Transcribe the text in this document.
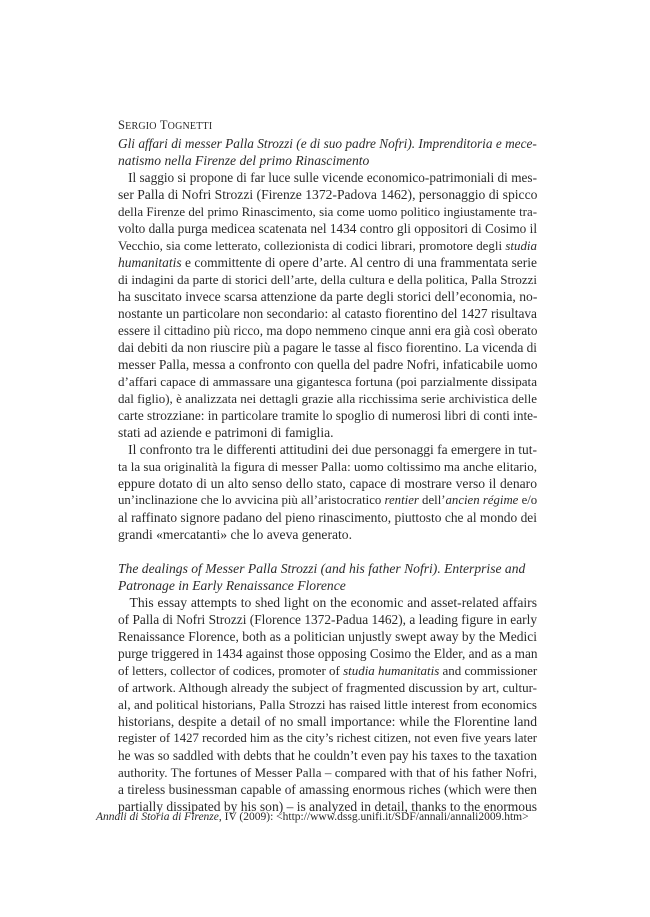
SERGIO TOGNETTI

Gli affari di messer Palla Strozzi (e di suo padre Nofri). Imprenditoria e mece-
natismo nella Firenze del primo Rinascimento

Il saggio si propone di far luce sulle vicende economico-patrimoniali di mes-
ser Palla di Nofri Strozzi (Firenze 1372-Padova 1462), personaggio di spicco
della Firenze del primo Rinascimento, sia come uomo politico ingiustamente tra-
volto dalla purga medicea scatenata nel 1434 contro gli oppositori di Cosimo il
Vecchio, sia come letterato, collezionista di codici librari, promotore degli studia
humanitatis e committente di opere d’arte. Al centro di una frammentata serie
di indagini da parte di storici dell’arte, della cultura e della politica, Palla Strozzi
ha suscitato invece scarsa attenzione da parte degli storici dell’economia, no-
nostante un particolare non secondario: al catasto fiorentino del 1427 risultava
essere il cittadino più ricco, ma dopo nemmeno cinque anni era già così oberato
dai debiti da non riuscire più a pagare le tasse al fisco fiorentino. La vicenda di
messer Palla, messa a confronto con quella del padre Nofri, infaticabile uomo
d’affari capace di ammassare una gigantesca fortuna (poi parzialmente dissipata
dal figlio), è analizzata nei dettagli grazie alla ricchissima serie archivistica delle
carte strozziane: in particolare tramite lo spoglio di numerosi libri di conti inte-
stati ad aziende e patrimoni di famiglia.
Il confronto tra le differenti attitudini dei due personaggi fa emergere in tut-
ta la sua originalità la figura di messer Palla: uomo coltissimo ma anche elitario,
eppure dotato di un alto senso dello stato, capace di mostrare verso il denaro
un’inclinazione che lo avvicina più all’aristocratico rentier dell’ancien régime e/o
al raffinato signore padano del pieno rinascimento, piuttosto che al mondo dei
grandi «mercatanti» che lo aveva generato.

The dealings of Messer Palla Strozzi (and his father Nofri). Enterprise and
Patronage in Early Renaissance Florence

This essay attempts to shed light on the economic and asset-related affairs
of Palla di Nofri Strozzi (Florence 1372-Padua 1462), a leading figure in early
Renaissance Florence, both as a politician unjustly swept away by the Medici
purge triggered in 1434 against those opposing Cosimo the Elder, and as a man
of letters, collector of codices, promoter of studia humanitatis and commissioner
of artwork. Although already the subject of fragmented discussion by art, cultur-
al, and political historians, Palla Strozzi has raised little interest from economics
historians, despite a detail of no small importance: while the Florentine land
register of 1427 recorded him as the city’s richest citizen, not even five years later
he was so saddled with debts that he couldn’t even pay his taxes to the taxation
authority. The fortunes of Messer Palla – compared with that of his father Nofri,
a tireless businessman capable of amassing enormous riches (which were then
partially dissipated by his son) – is analyzed in detail, thanks to the enormous
Annali di Storia di Firenze, IV (2009): <http://www.dssg.unifi.it/SDF/annali/annali2009.htm>
